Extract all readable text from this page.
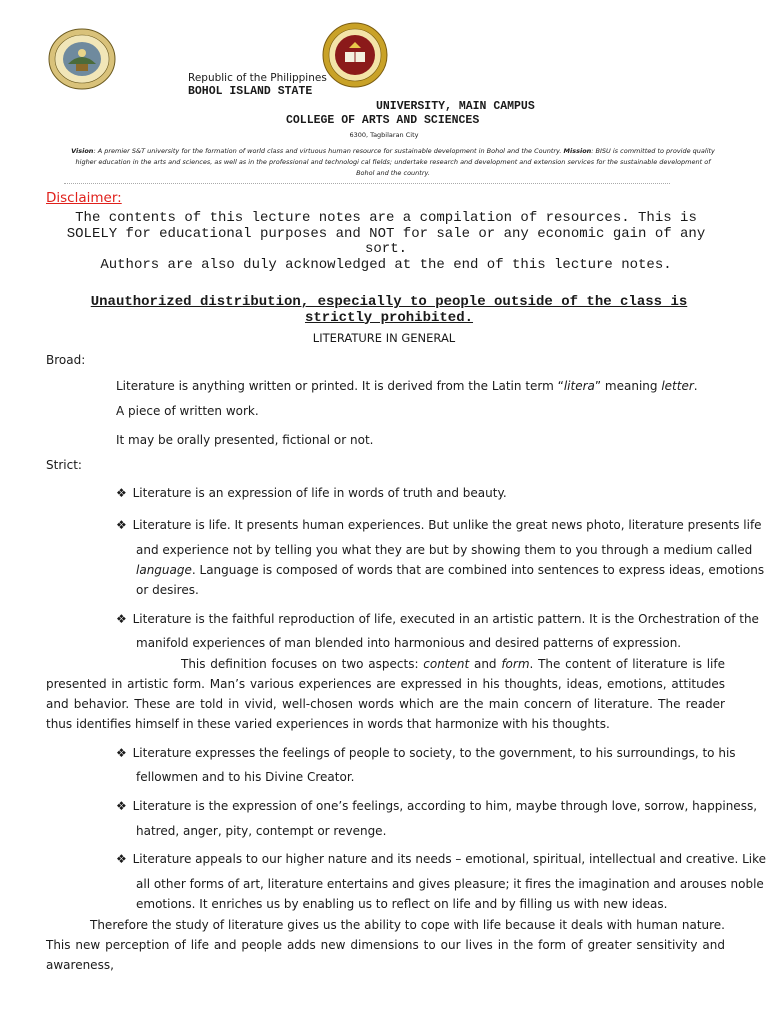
Republic of the Philippines
BOHOL ISLAND STATE
UNIVERSITY, MAIN CAMPUS
COLLEGE OF ARTS AND SCIENCES
6300, Tagbilaran City
Vision: A premier S&T university for the formation of world class and virtuous human resource for sustainable development in Bohol and the Country. Mission: BISU is committed to provide quality higher education in the arts and sciences, as well as in the professional and technologi cal fields; undertake research and development and extension services for the sustainable development of Bohol and the country.
Disclaimer:
The contents of this lecture notes are a compilation of resources. This is SOLELY for educational purposes and NOT for sale or any economic gain of any sort.
Authors are also duly acknowledged at the end of this lecture notes.
Unauthorized distribution, especially to people outside of the class is strictly prohibited.
LITERATURE IN GENERAL
Broad:
Literature is anything written or printed. It is derived from the Latin term “litera” meaning letter.
A piece of written work.
It may be orally presented, fictional or not.
Strict:
❖ Literature is an expression of life in words of truth and beauty.
❖ Literature is life. It presents human experiences. But unlike the great news photo, literature presents life
and experience not by telling you what they are but by showing them to you through a medium called
language. Language is composed of words that are combined into sentences to express ideas, emotions
or desires.
❖ Literature is the faithful reproduction of life, executed in an artistic pattern. It is the Orchestration of the
manifold experiences of man blended into harmonious and desired patterns of expression.
This definition focuses on two aspects: content and form. The content of literature is life presented in artistic form. Man’s various experiences are expressed in his thoughts, ideas, emotions, attitudes and behavior. These are told in vivid, well-chosen words which are the main concern of literature. The reader thus identifies himself in these varied experiences in words that harmonize with his thoughts.
❖ Literature expresses the feelings of people to society, to the government, to his surroundings, to his
fellowmen and to his Divine Creator.
❖ Literature is the expression of one’s feelings, according to him, maybe through love, sorrow, happiness,
hatred, anger, pity, contempt or revenge.
❖ Literature appeals to our higher nature and its needs – emotional, spiritual, intellectual and creative. Like
all other forms of art, literature entertains and gives pleasure; it fires the imagination and arouses noble
emotions. It enriches us by enabling us to reflect on life and by filling us with new ideas.
Therefore the study of literature gives us the ability to cope with life because it deals with human nature. This new perception of life and people adds new dimensions to our lives in the form of greater sensitivity and awareness,
